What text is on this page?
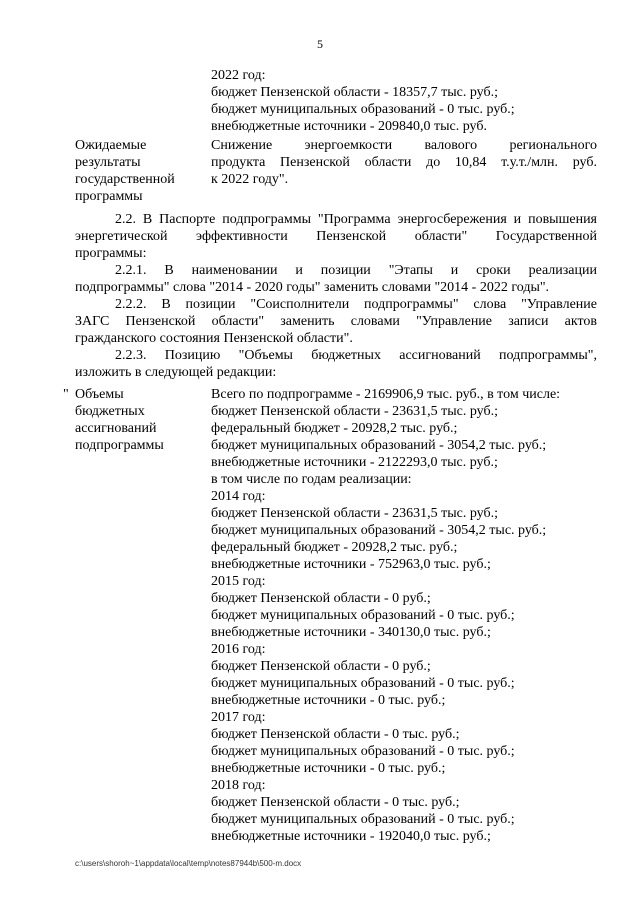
5
2022 год:
бюджет Пензенской области - 18357,7 тыс. руб.;
бюджет муниципальных образований - 0 тыс. руб.;
внебюджетные источники - 209840,0 тыс. руб.
Ожидаемые
результаты
государственной
программы
Снижение энергоемкости валового регионального
продукта Пензенской области до 10,84 т.у.т./млн. руб.
к 2022 году".
2.2. В Паспорте подпрограммы "Программа энергосбережения и повышения
энергетической эффективности Пензенской области" Государственной
программы:
2.2.1. В наименовании и позиции "Этапы и сроки реализации
подпрограммы" слова "2014 - 2020 годы" заменить словами "2014 - 2022 годы".
2.2.2. В позиции "Соисполнители подпрограммы" слова "Управление
ЗАГС Пензенской области" заменить словами "Управление записи актов
гражданского состояния Пензенской области".
2.2.3. Позицию "Объемы бюджетных ассигнований подпрограммы",
изложить в следующей редакции:
" Объемы
бюджетных
ассигнований
подпрограммы
Всего по подпрограмме - 2169906,9 тыс. руб., в том числе:
бюджет Пензенской области - 23631,5 тыс. руб.;
федеральный бюджет - 20928,2 тыс. руб.;
бюджет муниципальных образований - 3054,2 тыс. руб.;
внебюджетные источники - 2122293,0 тыс. руб.;
в том числе по годам реализации:
2014 год:
бюджет Пензенской области - 23631,5 тыс. руб.;
бюджет муниципальных образований - 3054,2 тыс. руб.;
федеральный бюджет - 20928,2 тыс. руб.;
внебюджетные источники - 752963,0 тыс. руб.;
2015 год:
бюджет Пензенской области - 0 руб.;
бюджет муниципальных образований - 0 тыс. руб.;
внебюджетные источники - 340130,0 тыс. руб.;
2016 год:
бюджет Пензенской области - 0 руб.;
бюджет муниципальных образований - 0 тыс. руб.;
внебюджетные источники - 0 тыс. руб.;
2017 год:
бюджет Пензенской области - 0 тыс. руб.;
бюджет муниципальных образований - 0 тыс. руб.;
внебюджетные источники - 0 тыс. руб.;
2018 год:
бюджет Пензенской области - 0 тыс. руб.;
бюджет муниципальных образований - 0 тыс. руб.;
внебюджетные источники - 192040,0 тыс. руб.;
c:\users\shoroh~1\appdata\local\temp\notes87944b\500-m.docx
